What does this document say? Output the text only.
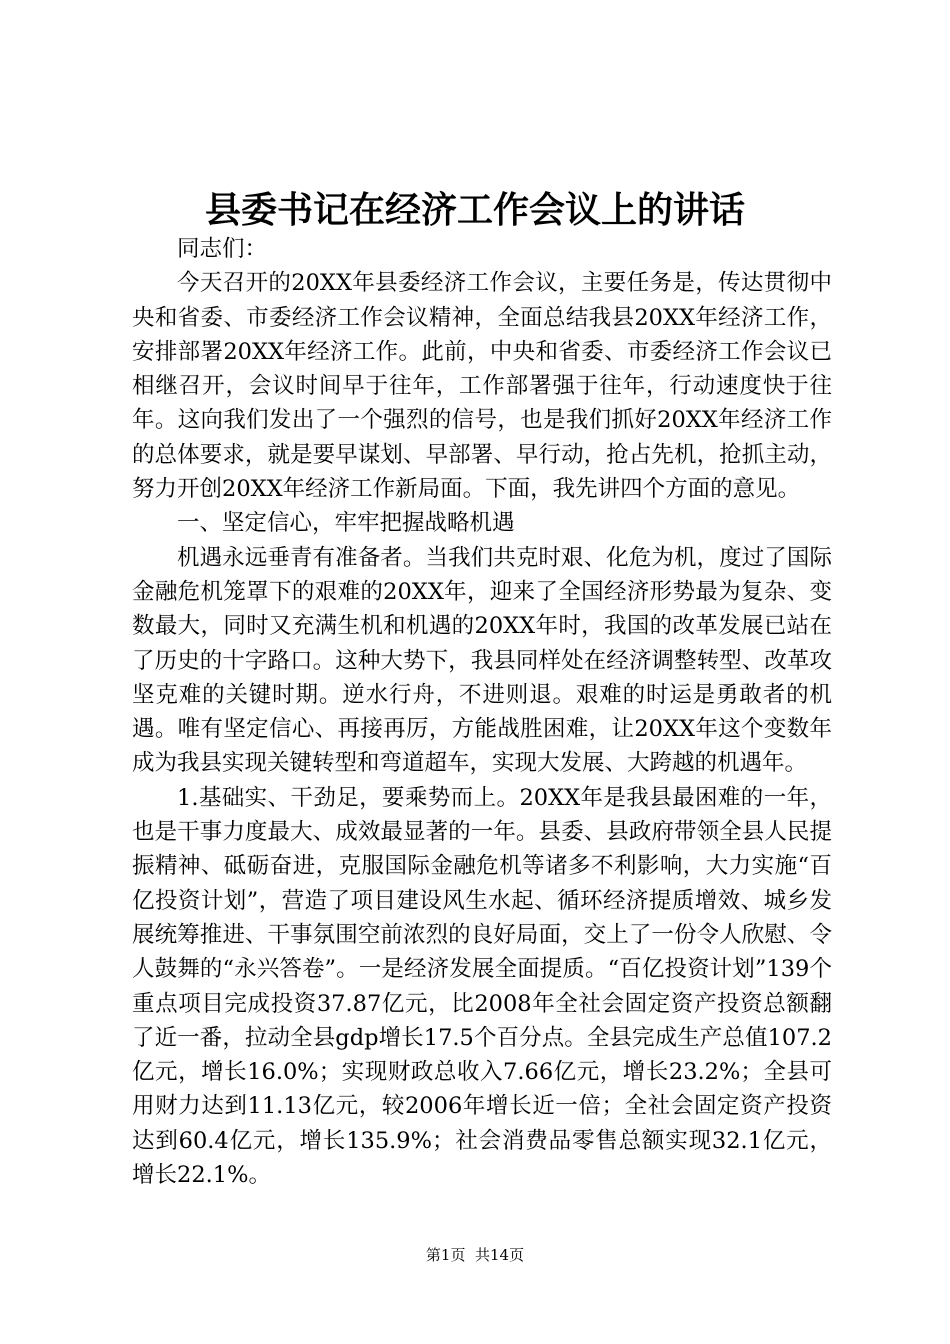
县委书记在经济工作会议上的讲话

同志们：

今天召开的20XX年县委经济工作会议，主要任务是，传达贯彻中央和省委、市委经济工作会议精神，全面总结我县20XX年经济工作，安排部署20XX年经济工作。此前，中央和省委、市委经济工作会议已相继召开，会议时间早于往年，工作部署强于往年，行动速度快于往年。这向我们发出了一个强烈的信号，也是我们抓好20XX年经济工作的总体要求，就是要早谋划、早部署、早行动，抢占先机，抢抓主动，努力开创20XX年经济工作新局面。下面，我先讲四个方面的意见。

一、坚定信心，牢牢把握战略机遇

机遇永远垂青有准备者。当我们共克时艰、化危为机，度过了国际金融危机笼罩下的艰难的20XX年，迎来了全国经济形势最为复杂、变数最大，同时又充满生机和机遇的20XX年时，我国的改革发展已站在了历史的十字路口。这种大势下，我县同样处在经济调整转型、改革攻坚克难的关键时期。逆水行舟，不进则退。艰难的时运是勇敢者的机遇。唯有坚定信心、再接再厉，方能战胜困难，让20XX年这个变数年成为我县实现关键转型和弯道超车，实现大发展、大跨越的机遇年。

1.基础实、干劲足，要乘势而上。20XX年是我县最困难的一年，也是干事力度最大、成效最显著的一年。县委、县政府带领全县人民提振精神、砥砺奋进，克服国际金融危机等诸多不利影响，大力实施“百亿投资计划”，营造了项目建设风生水起、循环经济提质增效、城乡发展统筹推进、干事氛围空前浓烈的良好局面，交上了一份令人欣慰、令人鼓舞的“永兴答卷”。一是经济发展全面提质。“百亿投资计划”139个重点项目完成投资37.87亿元，比2008年全社会固定资产投资总额翻了近一番，拉动全县gdp增长17.5个百分点。全县完成生产总值107.2亿元，增长16.0%；实现财政总收入7.66亿元，增长23.2%；全县可用财力达到11.13亿元，较2006年增长近一倍；全社会固定资产投资达到60.4亿元，增长135.9%；社会消费品零售总额实现32.1亿元，增长22.1%。

第1页  共14页
